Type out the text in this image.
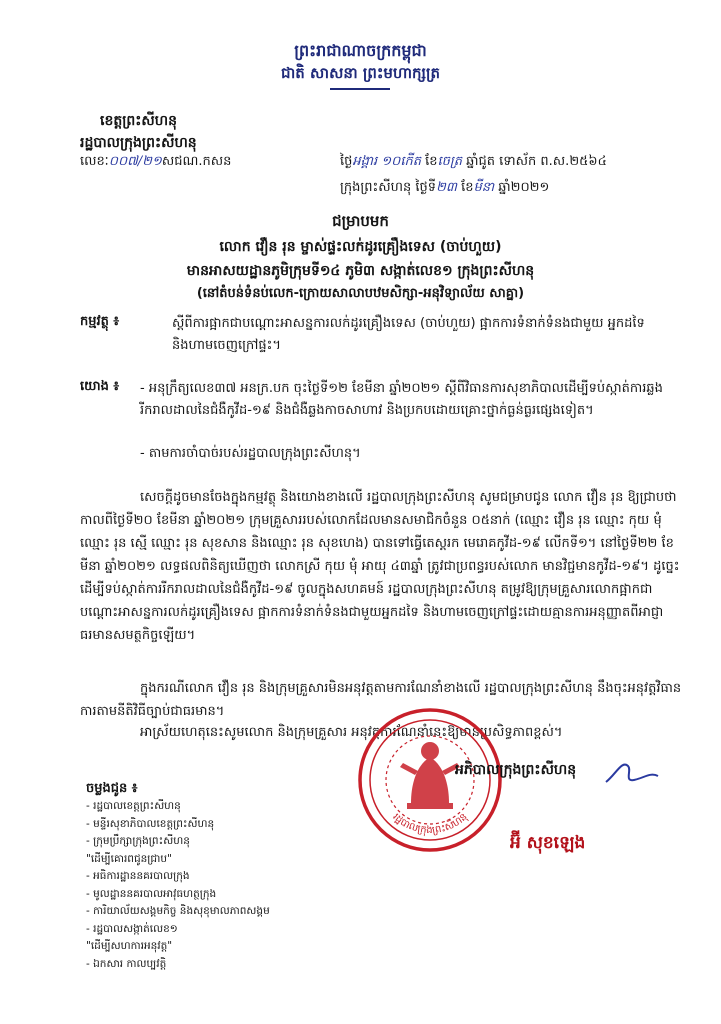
ព្រះរាជាណាចក្រកម្ពុជា
ជាតិ សាសនា ព្រះមហាក្សត្រ
ខេត្តព្រះសីហនុ
រដ្ឋបាលក្រុងព្រះសីហនុ
លេខៈ០០៧/២១សជណ.កសន	ថ្ងៃអង្គារ ១០កើត ខែចេត្រ ឆ្នាំជូត ទោស័ក ព.ស.២៥៦៤
ក្រុងព្រះសីហនុ ថ្ងៃទី២៣ ខែមីនា ឆ្នាំ២០២១
ជម្រាបមក
លោក វឿន រុន ម្ចាស់ផ្ទះលក់ដូរគ្រឿងទេស (ចាប់ហួយ)
មានអាសយដ្ឋានភូមិក្រុមទី១៤ ភូមិ៣ សង្កាត់លេខ១ ក្រុងព្រះសីហនុ
(នៅតំបន់ទំនប់លេក-ក្រោយសាលាបឋមសិក្សា-អនុវិទ្យាល័យ សាគ្នា)
កម្មវត្ថុ ៖	ស្តីពីការផ្អាកជាបណ្តោះអាសន្នការលក់ដូរគ្រឿងទេស (ចាប់ហួយ) ផ្អាកការទំនាក់ទំនងជាមួយ អ្នកដទៃ និងហាមចេញក្រៅផ្ទះ។
យោង ៖ - អនុក្រឹត្យលេខ៣៧ អនក្រ.បក ចុះថ្ងៃទី១២ ខែមីនា ឆ្នាំ២០២១ ស្តីពីវិធានការសុខាភិបាលដើម្បីទប់ស្កាត់ការឆ្លងរីករាលដាលនៃជំងឺកូវីដ-១៩ និងជំងឺឆ្លងកាចសាហាវ និងប្រកបដោយគ្រោះថ្នាក់ធ្ងន់ធ្ងរផ្សេងទៀត។
- តាមការចាំបាច់របស់រដ្ឋបាលក្រុងព្រះសីហនុ។
សេចក្តីដូចមានចែងក្នុងកម្មវត្ថុ និងយោងខាងលើ រដ្ឋបាលក្រុងព្រះសីហនុ សូមជម្រាបជូន លោក វឿន រុន ឱ្យជ្រាបថា កាលពីថ្ងៃទី២០ ខែមីនា ឆ្នាំ២០២១ ក្រុមគ្រួសាររបស់លោកដែលមានសមាជិកចំនួន ០៥នាក់ (ឈ្មោះ វឿន រុន ឈ្មោះ កុយ មុំ ឈ្មោះ រុន ស្មើ ឈ្មោះ រុន សុខសាន និងឈ្មោះ រុន សុខហេង) បានទៅធ្វើតេស្តរក មេរោគកូវីដ-១៩ លើកទី១។ នៅថ្ងៃទី២២ ខែមីនា ឆ្នាំ២០២១ លទ្ធផលពិនិត្យឃើញថា លោកស្រី កុយ មុំ អាយុ ៤៣ឆ្នាំ ត្រូវជាប្រពន្ធរបស់លោក មានវិជ្ជមានកូវីដ-១៩។ ដូច្នេះដើម្បីទប់ស្កាត់ការរីករាលដាលនៃជំងឺកូវីដ-១៩ ចូលក្នុងសហគមន៍ រដ្ឋបាលក្រុងព្រះសីហនុ តម្រូវឱ្យក្រុមគ្រួសារលោកផ្អាកជាបណ្តោះអាសន្នការលក់ដូរគ្រឿងទេស ផ្អាកការទំនាក់ទំនងជាមួយអ្នកដទៃ និងហាមចេញក្រៅផ្ទះដោយគ្មានការអនុញ្ញាតពីអាជ្ញាធរមានសមត្ថកិច្ចឡើយ។
ក្នុងករណីលោក វឿន រុន និងក្រុមគ្រួសារមិនអនុវត្តតាមការណែនាំខាងលើ រដ្ឋបាលក្រុងព្រះសីហនុ នឹងចុះអនុវត្តវិធានការតាមនីតិវិធីច្បាប់ជាធរមាន។
អាស្រ័យហេតុនេះសូមលោក និងក្រុមគ្រួសារ អនុវត្តការណែនាំនេះឱ្យមានប្រសិទ្ធភាពខ្ពស់។
រដ្ឋបាលក្រុងព្រះសីហនុ
អភិបាលក្រុងព្រះសីហនុ
អ៊ី សុខឡេង
ចម្លងជូន ៖
- រដ្ឋបាលខេត្តព្រះសីហនុ
- មន្ទីរសុខាភិបាលខេត្តព្រះសីហនុ
- ក្រុមប្រឹក្សាក្រុងព្រះសីហនុ
"ដើម្បីគោរពជូនជ្រាប"
- អធិការដ្ឋាននគរបាលក្រុង
- មូលដ្ឋាននគរបាលអាវុធហត្ថក្រុង
- ការិយាល័យសង្គមកិច្ច និងសុខុមាលភាពសង្គម
- រដ្ឋបាលសង្កាត់លេខ១
"ដើម្បីសហការអនុវត្ត"
- ឯកសារ កាលប្បវត្តិ
